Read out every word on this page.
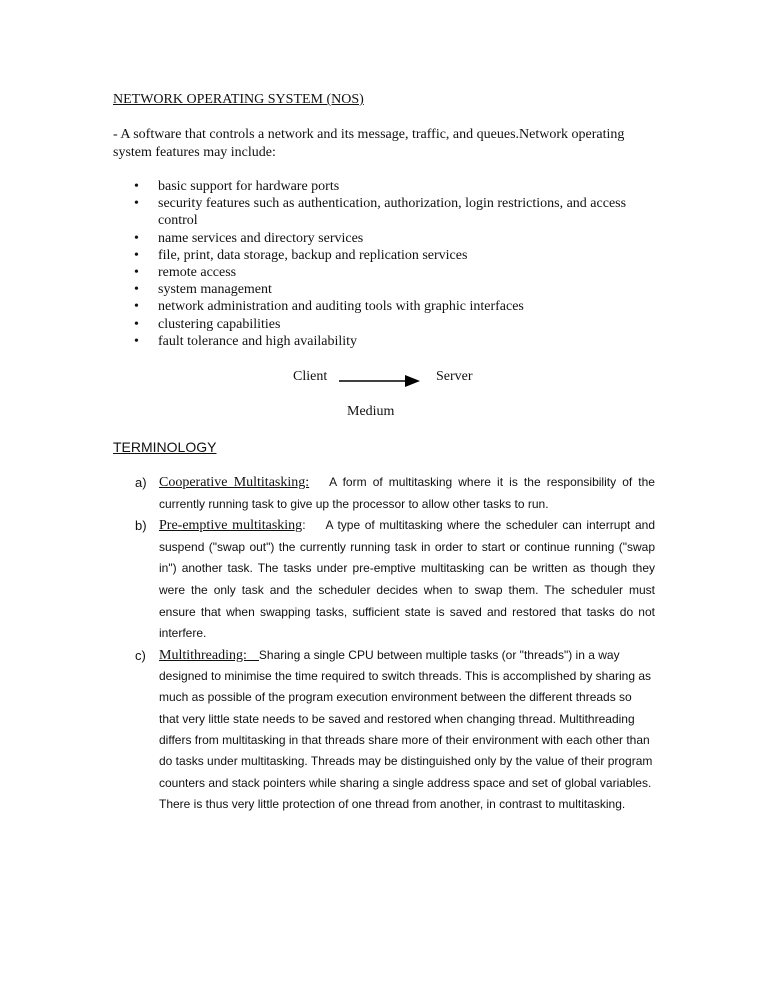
NETWORK OPERATING SYSTEM (NOS)
- A software that controls a network and its message, traffic, and queues.Network operating system features may include:
• basic support for hardware ports
• security features such as authentication, authorization, login restrictions, and access control
• name services and directory services
• file, print, data storage, backup and replication services
• remote access
• system management
• network administration and auditing tools with graphic interfaces
• clustering capabilities
• fault tolerance and high availability
Client	Server
Medium
TERMINOLOGY
a) Cooperative Multitasking: A form of multitasking where it is the responsibility of the currently running task to give up the processor to allow other tasks to run.
b) Pre-emptive multitasking: A type of multitasking where the scheduler can interrupt and suspend ("swap out") the currently running task in order to start or continue running ("swap in") another task. The tasks under pre-emptive multitasking can be written as though they were the only task and the scheduler decides when to swap them. The scheduler must ensure that when swapping tasks, sufficient state is saved and restored that tasks do not interfere.
c) Multithreading: Sharing a single CPU between multiple tasks (or "threads") in a way designed to minimise the time required to switch threads. This is accomplished by sharing as much as possible of the program execution environment between the different threads so that very little state needs to be saved and restored when changing thread. Multithreading differs from multitasking in that threads share more of their environment with each other than do tasks under multitasking. Threads may be distinguished only by the value of their program counters and stack pointers while sharing a single address space and set of global variables. There is thus very little protection of one thread from another, in contrast to multitasking.
